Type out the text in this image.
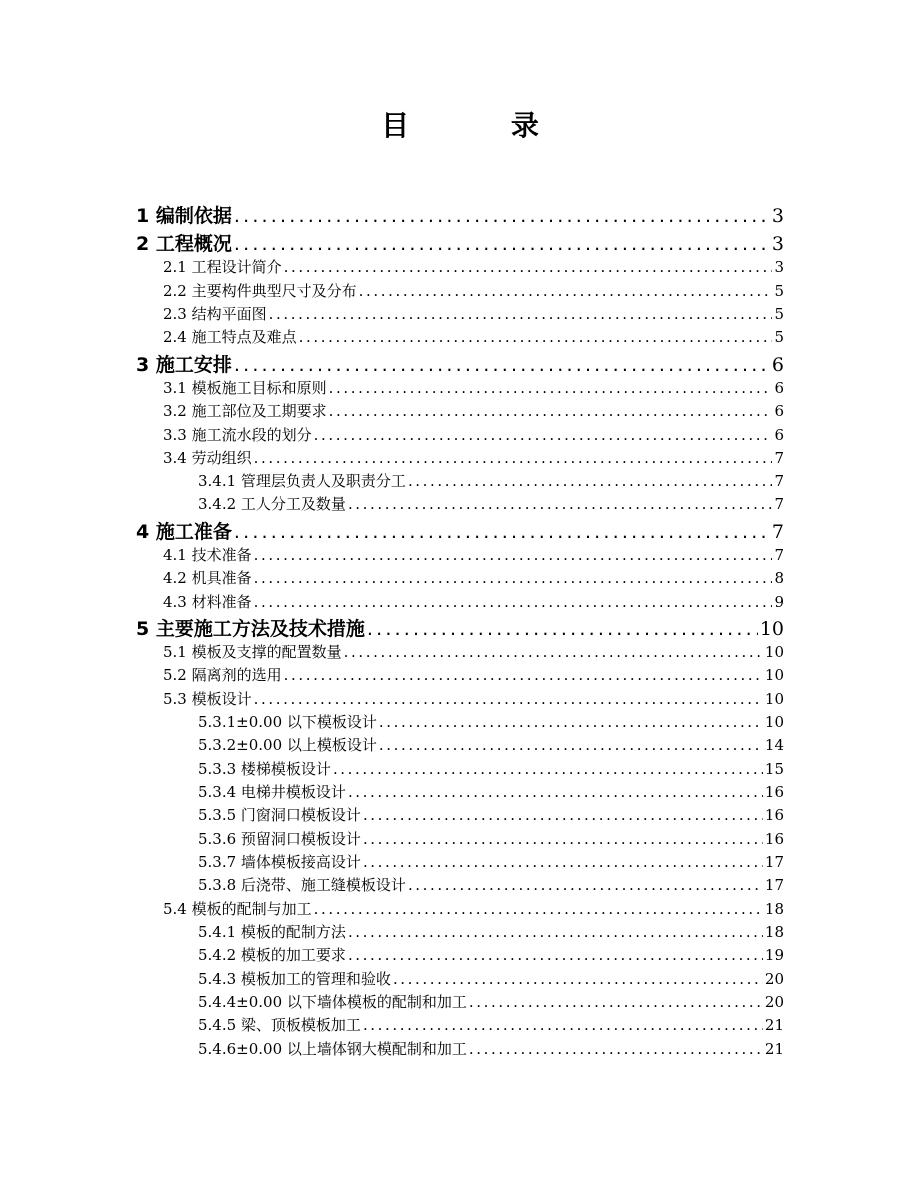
目 录
1 编制依据 .....	3
2 工程概况 .....	3
2.1 工程设计简介 .....	3
2.2 主要构件典型尺寸及分布 .....	5
2.3 结构平面图 .....	5
2.4 施工特点及难点 .....	5
3 施工安排 .....	6
3.1 模板施工目标和原则 .....	6
3.2 施工部位及工期要求 .....	6
3.3 施工流水段的划分 .....	6
3.4 劳动组织 .....	7
3.4.1 管理层负责人及职责分工 .....	7
3.4.2 工人分工及数量 .....	7
4 施工准备 .....	7
4.1 技术准备 .....	7
4.2 机具准备 .....	8
4.3 材料准备 .....	9
5 主要施工方法及技术措施 .....	10
5.1 模板及支撑的配置数量 .....	10
5.2 隔离剂的选用 .....	10
5.3 模板设计 .....	10
5.3.1±0.00 以下模板设计 .....	10
5.3.2±0.00 以上模板设计 .....	14
5.3.3 楼梯模板设计 .....	15
5.3.4 电梯井模板设计 .....	16
5.3.5 门窗洞口模板设计 .....	16
5.3.6 预留洞口模板设计 .....	16
5.3.7 墙体模板接高设计 .....	17
5.3.8 后浇带、施工缝模板设计 .....	17
5.4 模板的配制与加工 .....	18
5.4.1 模板的配制方法 .....	18
5.4.2 模板的加工要求 .....	19
5.4.3 模板加工的管理和验收 .....	20
5.4.4±0.00 以下墙体模板的配制和加工 .....	20
5.4.5 梁、顶板模板加工 .....	21
5.4.6±0.00 以上墙体钢大模配制和加工 .....	21
